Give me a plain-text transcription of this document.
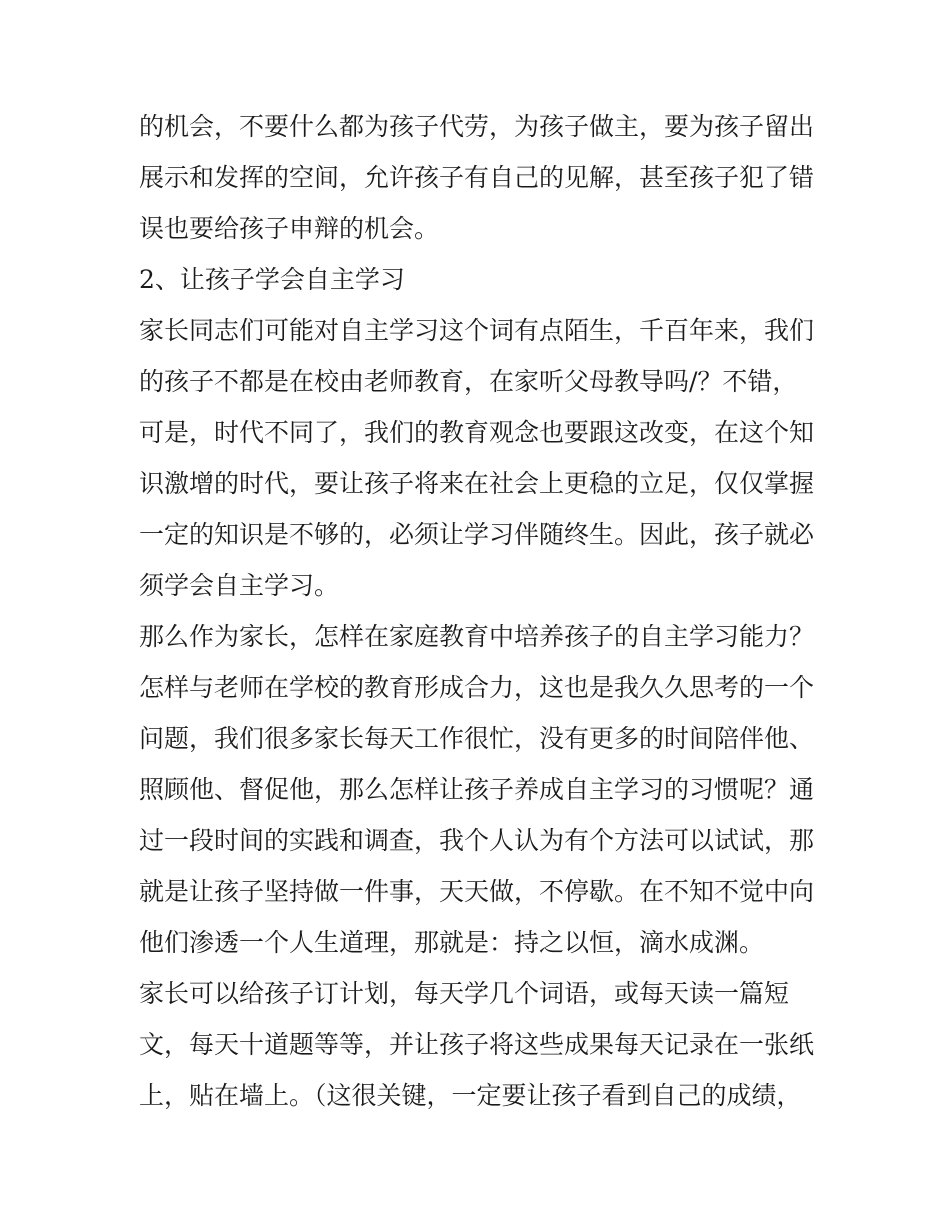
的机会，不要什么都为孩子代劳，为孩子做主，要为孩子留出
展示和发挥的空间，允许孩子有自己的见解，甚至孩子犯了错
误也要给孩子申辩的机会。
2、让孩子学会自主学习
家长同志们可能对自主学习这个词有点陌生，千百年来，我们
的孩子不都是在校由老师教育，在家听父母教导吗/？不错，
可是，时代不同了，我们的教育观念也要跟这改变，在这个知
识激增的时代，要让孩子将来在社会上更稳的立足，仅仅掌握
一定的知识是不够的，必须让学习伴随终生。因此，孩子就必
须学会自主学习。
那么作为家长，怎样在家庭教育中培养孩子的自主学习能力？
怎样与老师在学校的教育形成合力，这也是我久久思考的一个
问题，我们很多家长每天工作很忙，没有更多的时间陪伴他、
照顾他、督促他，那么怎样让孩子养成自主学习的习惯呢？通
过一段时间的实践和调查，我个人认为有个方法可以试试，那
就是让孩子坚持做一件事，天天做，不停歇。在不知不觉中向
他们渗透一个人生道理，那就是：持之以恒，滴水成渊。
家长可以给孩子订计划，每天学几个词语，或每天读一篇短
文，每天十道题等等，并让孩子将这些成果每天记录在一张纸
上，贴在墙上。（这很关键，一定要让孩子看到自己的成绩，
